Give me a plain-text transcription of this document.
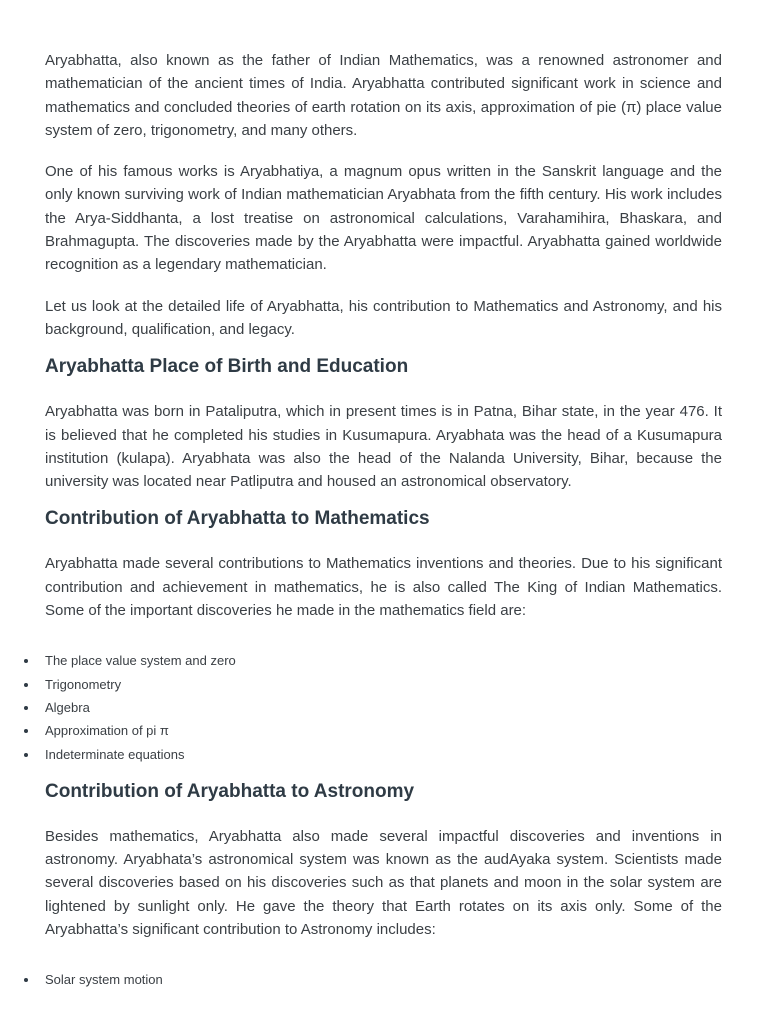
Aryabhatta, also known as the father of Indian Mathematics, was a renowned astronomer and mathematician of the ancient times of India. Aryabhatta contributed significant work in science and mathematics and concluded theories of earth rotation on its axis, approximation of pie (π) place value system of zero, trigonometry, and many others.

One of his famous works is Aryabhatiya, a magnum opus written in the Sanskrit language and the only known surviving work of Indian mathematician Aryabhata from the fifth century. His work includes the Arya-Siddhanta, a lost treatise on astronomical calculations, Varahamihira, Bhaskara, and Brahmagupta. The discoveries made by the Aryabhatta were impactful. Aryabhatta gained worldwide recognition as a legendary mathematician.

Let us look at the detailed life of Aryabhatta, his contribution to Mathematics and Astronomy, and his background, qualification, and legacy.

Aryabhatta Place of Birth and Education

Aryabhatta was born in Pataliputra, which in present times is in Patna, Bihar state, in the year 476. It is believed that he completed his studies in Kusumapura. Aryabhata was the head of a Kusumapura institution (kulapa). Aryabhata was also the head of the Nalanda University, Bihar, because the university was located near Patliputra and housed an astronomical observatory.

Contribution of Aryabhatta to Mathematics

Aryabhatta made several contributions to Mathematics inventions and theories. Due to his significant contribution and achievement in mathematics, he is also called The King of Indian Mathematics. Some of the important discoveries he made in the mathematics field are:

The place value system and zero
Trigonometry
Algebra
Approximation of pi π
Indeterminate equations
Contribution of Aryabhatta to Astronomy

Besides mathematics, Aryabhatta also made several impactful discoveries and inventions in astronomy. Aryabhata’s astronomical system was known as the audAyaka system. Scientists made several discoveries based on his discoveries such as that planets and moon in the solar system are lightened by sunlight only. He gave the theory that Earth rotates on its axis only. Some of the Aryabhatta’s significant contribution to Astronomy includes:

Solar system motion
